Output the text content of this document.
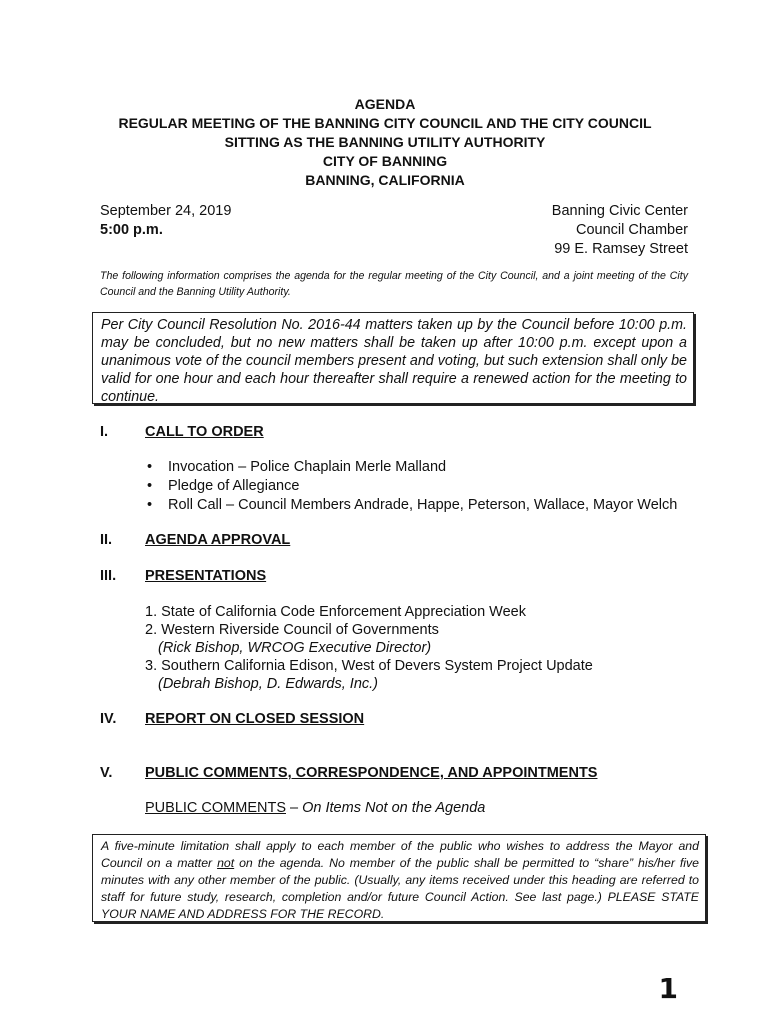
AGENDA
REGULAR MEETING OF THE BANNING CITY COUNCIL AND THE CITY COUNCIL
SITTING AS THE BANNING UTILITY AUTHORITY
CITY OF BANNING
BANNING, CALIFORNIA
September 24, 2019
5:00 p.m.
Banning Civic Center
Council Chamber
99 E. Ramsey Street
The following information comprises the agenda for the regular meeting of the City Council, and a joint meeting of the City Council and the Banning Utility Authority.
Per City Council Resolution No. 2016-44 matters taken up by the Council before 10:00 p.m. may be concluded, but no new matters shall be taken up after 10:00 p.m. except upon a unanimous vote of the council members present and voting, but such extension shall only be valid for one hour and each hour thereafter shall require a renewed action for the meeting to continue.
I.	CALL TO ORDER
• Invocation – Police Chaplain Merle Malland
• Pledge of Allegiance
• Roll Call – Council Members Andrade, Happe, Peterson, Wallace, Mayor Welch
II. AGENDA APPROVAL
III. PRESENTATIONS
1. State of California Code Enforcement Appreciation Week
2. Western Riverside Council of Governments
(Rick Bishop, WRCOG Executive Director)
3. Southern California Edison, West of Devers System Project Update
(Debrah Bishop, D. Edwards, Inc.)
IV. REPORT ON CLOSED SESSION
V. PUBLIC COMMENTS, CORRESPONDENCE, AND APPOINTMENTS
PUBLIC COMMENTS – On Items Not on the Agenda
A five-minute limitation shall apply to each member of the public who wishes to address the Mayor and Council on a matter not on the agenda. No member of the public shall be permitted to “share” his/her five minutes with any other member of the public. (Usually, any items received under this heading are referred to staff for future study, research, completion and/or future Council Action. See last page.) PLEASE STATE YOUR NAME AND ADDRESS FOR THE RECORD.
1
